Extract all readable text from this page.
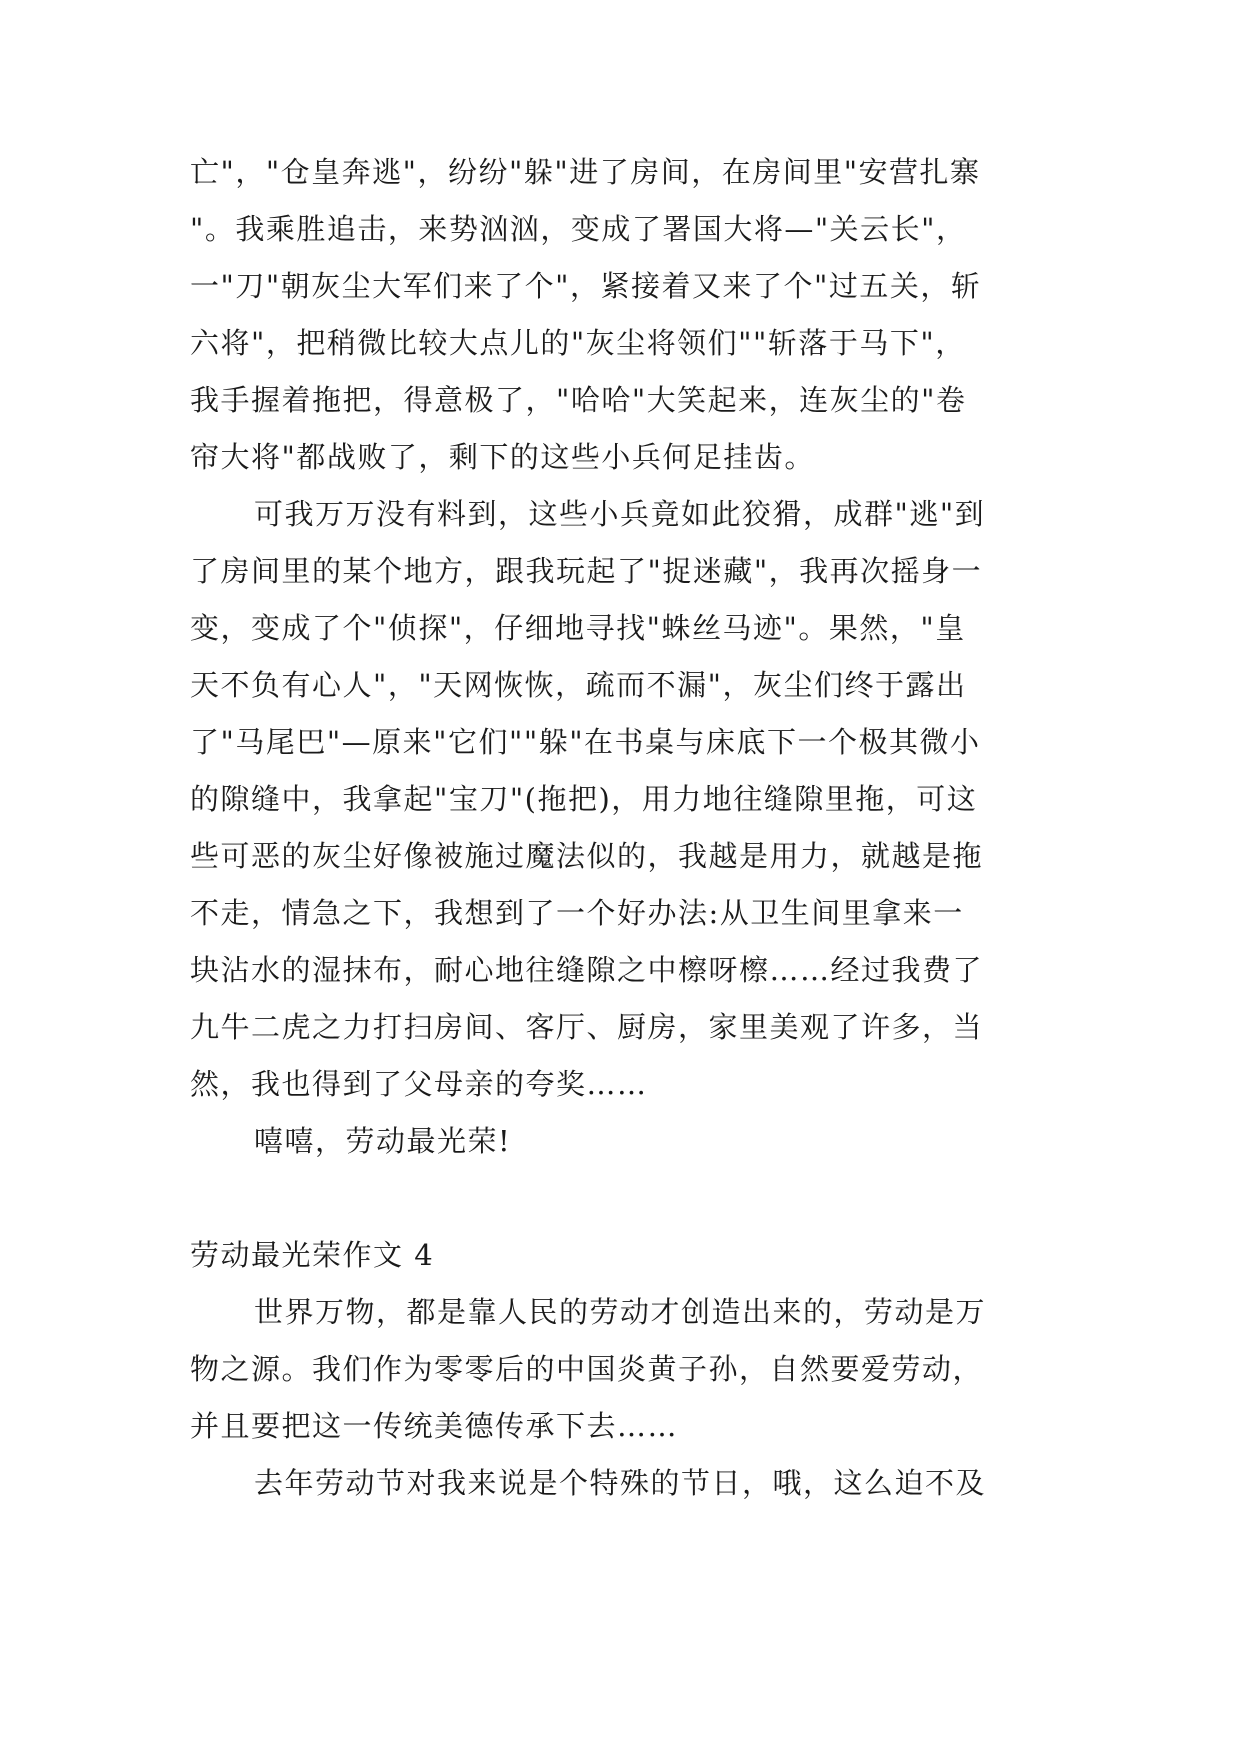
亡"，"仓皇奔逃"，纷纷"躲"进了房间，在房间里"安营扎寨
"。我乘胜追击，来势汹汹，变成了署国大将—"关云长"，
一"刀"朝灰尘大军们来了个"，紧接着又来了个"过五关，斩
六将"，把稍微比较大点儿的"灰尘将领们""斩落于马下"，
我手握着拖把，得意极了，"哈哈"大笑起来，连灰尘的"卷
帘大将"都战败了，剩下的这些小兵何足挂齿。
可我万万没有料到，这些小兵竟如此狡猾，成群"逃"到
了房间里的某个地方，跟我玩起了"捉迷藏"，我再次摇身一
变，变成了个"侦探"，仔细地寻找"蛛丝马迹"。果然，"皇
天不负有心人"，"天网恢恢，疏而不漏"，灰尘们终于露出
了"马尾巴"—原来"它们""躲"在书桌与床底下一个极其微小
的隙缝中，我拿起"宝刀"(拖把)，用力地往缝隙里拖，可这
些可恶的灰尘好像被施过魔法似的，我越是用力，就越是拖
不走，情急之下，我想到了一个好办法:从卫生间里拿来一
块沾水的湿抹布，耐心地往缝隙之中檫呀檫……经过我费了
九牛二虎之力打扫房间、客厅、厨房，家里美观了许多，当
然，我也得到了父母亲的夸奖……
嘻嘻，劳动最光荣!
劳动最光荣作文 4
世界万物，都是靠人民的劳动才创造出来的，劳动是万
物之源。我们作为零零后的中国炎黄子孙，自然要爱劳动，
并且要把这一传统美德传承下去……
去年劳动节对我来说是个特殊的节日，哦，这么迫不及
